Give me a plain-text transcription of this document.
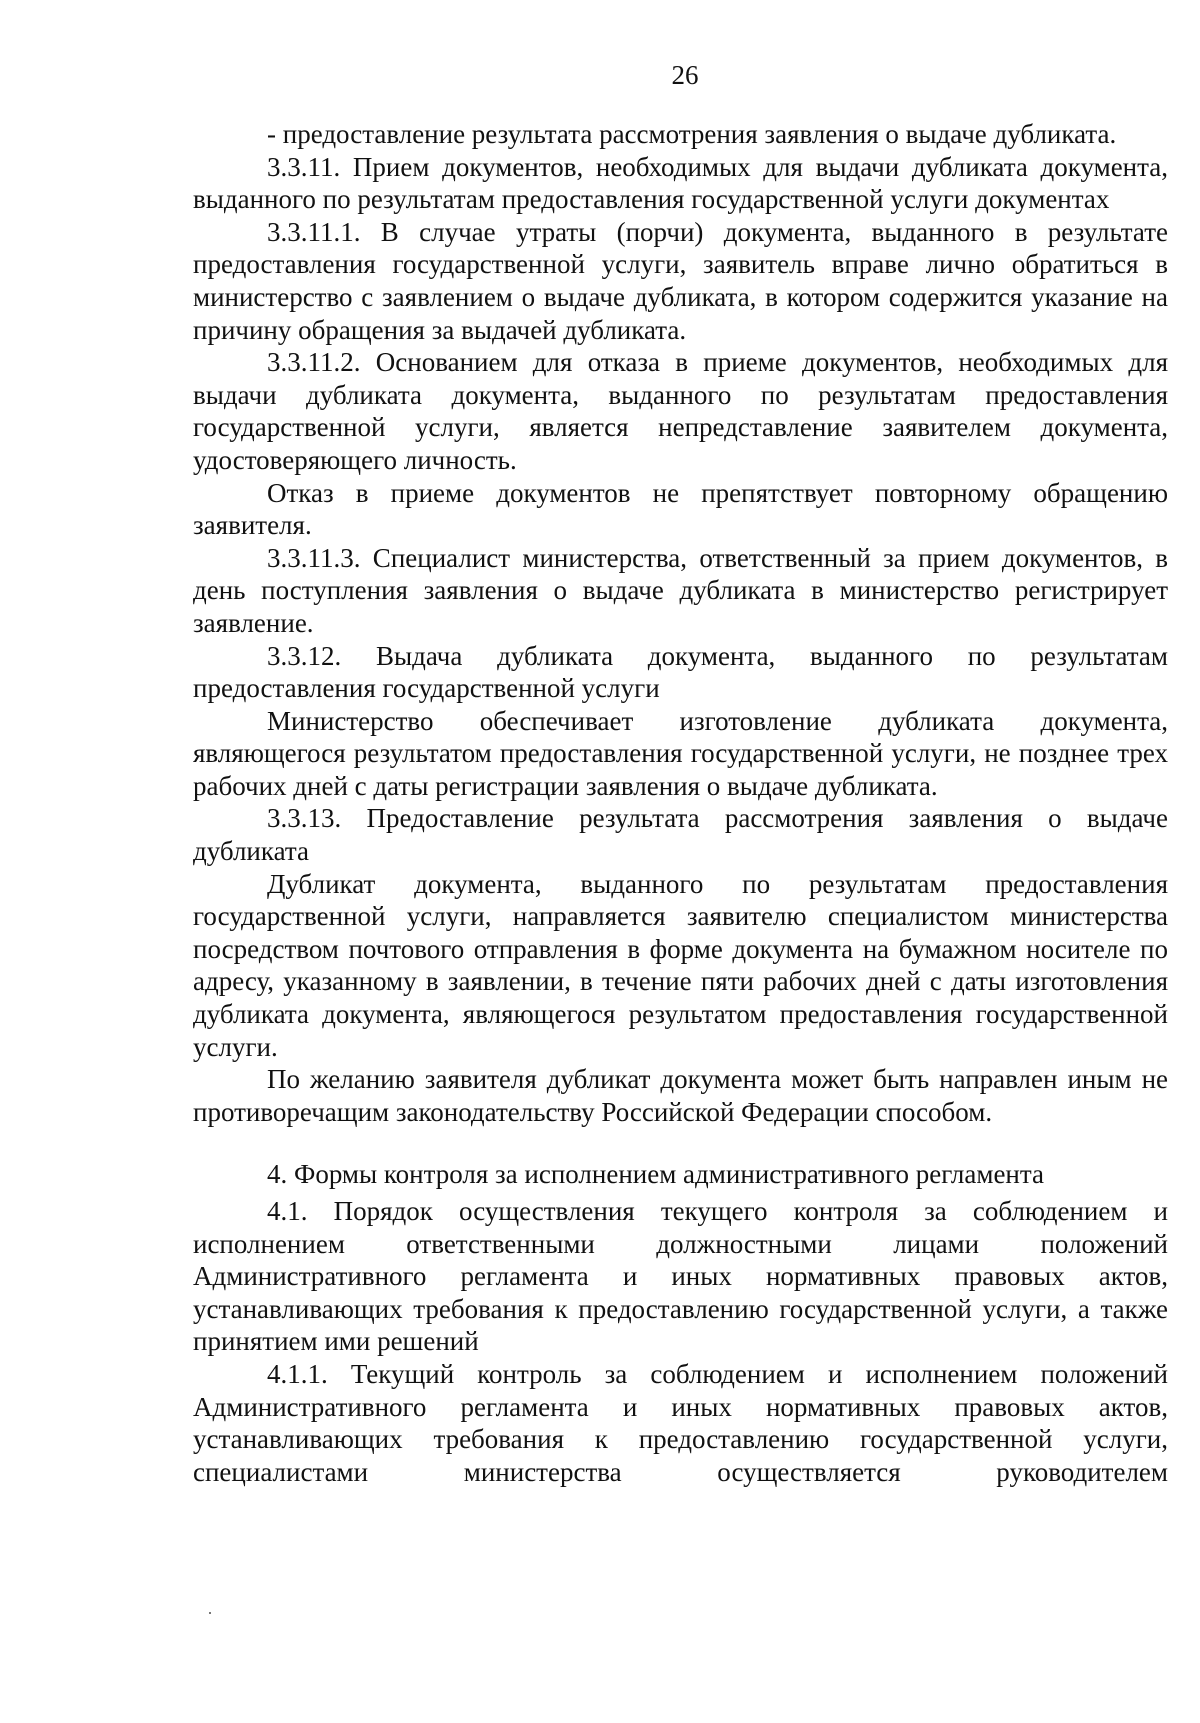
26

- предоставление результата рассмотрения заявления о выдаче дубликата.

3.3.11. Прием документов, необходимых для выдачи дубликата документа, выданного по результатам предоставления государственной услуги документах

3.3.11.1. В случае утраты (порчи) документа, выданного в результате предоставления государственной услуги, заявитель вправе лично обратиться в министерство с заявлением о выдаче дубликата, в котором содержится указание на причину обращения за выдачей дубликата.

3.3.11.2. Основанием для отказа в приеме документов, необходимых для выдачи дубликата документа, выданного по результатам предоставления государственной услуги, является непредставление заявителем документа, удостоверяющего личность.

Отказ в приеме документов не препятствует повторному обращению заявителя.

3.3.11.3. Специалист министерства, ответственный за прием документов, в день поступления заявления о выдаче дубликата в министерство регистрирует заявление.

3.3.12. Выдача дубликата документа, выданного по результатам предоставления государственной услуги

Министерство обеспечивает изготовление дубликата документа, являющегося результатом предоставления государственной услуги, не позднее трех рабочих дней с даты регистрации заявления о выдаче дубликата.

3.3.13. Предоставление результата рассмотрения заявления о выдаче дубликата

Дубликат документа, выданного по результатам предоставления государственной услуги, направляется заявителю специалистом министерства посредством почтового отправления в форме документа на бумажном носителе по адресу, указанному в заявлении, в течение пяти рабочих дней с даты изготовления дубликата документа, являющегося результатом предоставления государственной услуги.

По желанию заявителя дубликат документа может быть направлен иным не противоречащим законодательству Российской Федерации способом.

4. Формы контроля за исполнением административного регламента

4.1. Порядок осуществления текущего контроля за соблюдением и исполнением ответственными должностными лицами положений Административного регламента и иных нормативных правовых актов, устанавливающих требования к предоставлению государственной услуги, а также принятием ими решений

4.1.1. Текущий контроль за соблюдением и исполнением положений Административного регламента и иных нормативных правовых актов, устанавливающих требования к предоставлению государственной услуги, специалистами министерства осуществляется руководителем
